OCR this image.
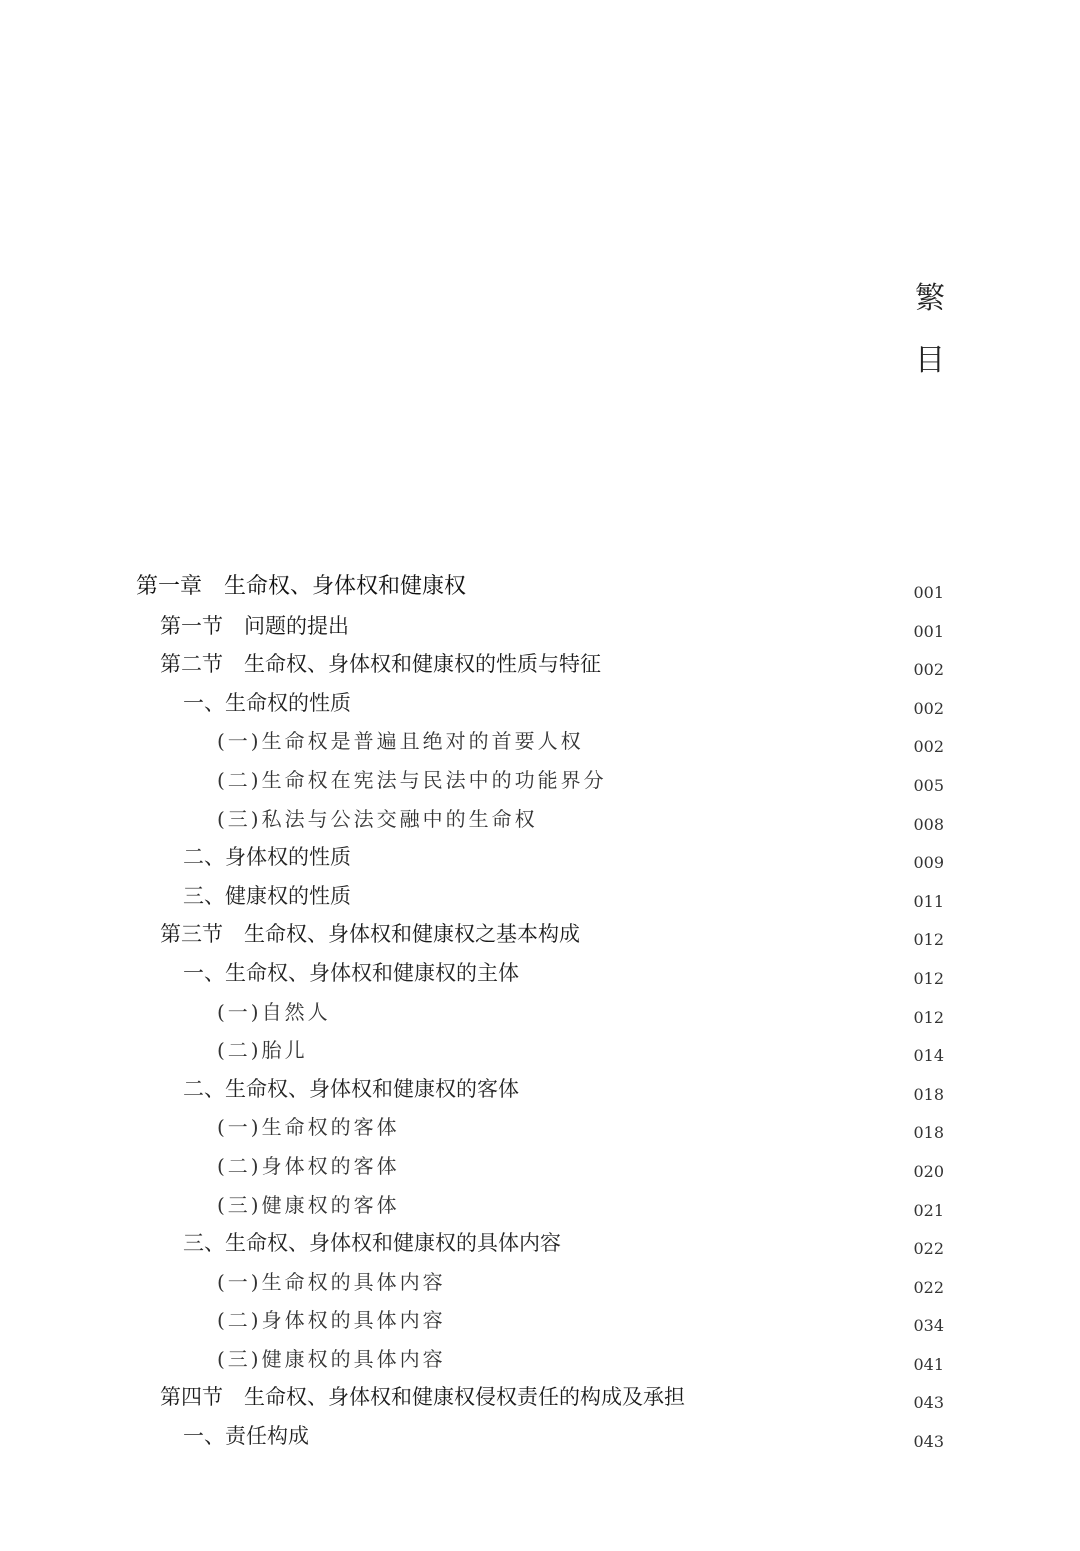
繁
目
第一章　生命权、身体权和健康权	001
第一节　问题的提出	001
第二节　生命权、身体权和健康权的性质与特征	002
一、生命权的性质	002
(一)生命权是普遍且绝对的首要人权	002
(二)生命权在宪法与民法中的功能界分	005
(三)私法与公法交融中的生命权	008
二、身体权的性质	009
三、健康权的性质	011
第三节　生命权、身体权和健康权之基本构成	012
一、生命权、身体权和健康权的主体	012
(一)自然人	012
(二)胎儿	014
二、生命权、身体权和健康权的客体	018
(一)生命权的客体	018
(二)身体权的客体	020
(三)健康权的客体	021
三、生命权、身体权和健康权的具体内容	022
(一)生命权的具体内容	022
(二)身体权的具体内容	034
(三)健康权的具体内容	041
第四节　生命权、身体权和健康权侵权责任的构成及承担	043
一、责任构成	043
